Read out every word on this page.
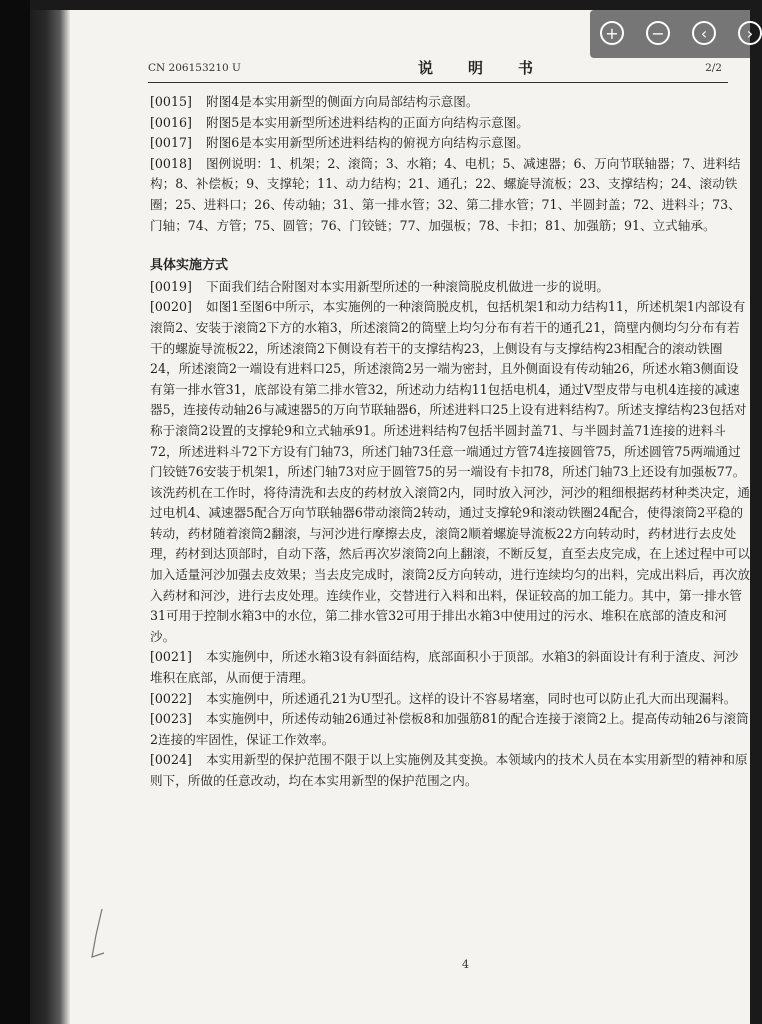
CN 206153210 U	说　明　书	2/2
[0015] 附图4是本实用新型的侧面方向局部结构示意图。
[0016] 附图5是本实用新型所述进料结构的正面方向结构示意图。
[0017] 附图6是本实用新型所述进料结构的俯视方向结构示意图。
[0018] 图例说明：1、机架；2、滚筒；3、水箱；4、电机；5、减速器；6、万向节联轴器；7、进料结构；8、补偿板；9、支撑轮；11、动力结构；21、通孔；22、螺旋导流板；23、支撑结构；24、滚动铁圈；25、进料口；26、传动轴；31、第一排水管；32、第二排水管；71、半圆封盖；72、进料斗；73、门轴；74、方管；75、圆管；76、门铰链；77、加强板；78、卡扣；81、加强筋；91、立式轴承。
具体实施方式
[0019] 下面我们结合附图对本实用新型所述的一种滚筒脱皮机做进一步的说明。
[0020] 如图1至图6中所示，本实施例的一种滚筒脱皮机，包括机架1和动力结构11，所述机架1内部设有滚筒2、安装于滚筒2下方的水箱3，所述滚筒2的筒壁上均匀分布有若干的通孔21，筒壁内侧均匀分布有若干的螺旋导流板22，所述滚筒2下侧设有若干的支撑结构23，上侧设有与支撑结构23相配合的滚动铁圈24，所述滚筒2一端设有进料口25，所述滚筒2另一端为密封，且外侧面设有传动轴26，所述水箱3侧面设有第一排水管31，底部设有第二排水管32，所述动力结构11包括电机4，通过V型皮带与电机4连接的减速器5，连接传动轴26与减速器5的万向节联轴器6，所述进料口25上设有进料结构7。所述支撑结构23包括对称于滚筒2设置的支撑轮9和立式轴承91。所述进料结构7包括半圆封盖71、与半圆封盖71连接的进料斗72，所述进料斗72下方设有门轴73，所述门轴73任意一端通过方管74连接圆管75，所述圆管75两端通过门铰链76安装于机架1，所述门轴73对应于圆管75的另一端设有卡扣78，所述门轴73上还设有加强板77。该洗药机在工作时，将待清洗和去皮的药材放入滚筒2内，同时放入河沙，河沙的粗细根据药材种类决定，通过电机4、减速器5配合万向节联轴器6带动滚筒2转动，通过支撑轮9和滚动铁圈24配合，使得滚筒2平稳的转动，药材随着滚筒2翻滚，与河沙进行摩擦去皮，滚筒2顺着螺旋导流板22方向转动时，药材进行去皮处理，药材到达顶部时，自动下落，然后再次岁滚筒2向上翻滚，不断反复，直至去皮完成，在上述过程中可以加入适量河沙加强去皮效果；当去皮完成时，滚筒2反方向转动，进行连续均匀的出料，完成出料后，再次放入药材和河沙，进行去皮处理。连续作业，交替进行入料和出料，保证较高的加工能力。其中，第一排水管31可用于控制水箱3中的水位，第二排水管32可用于排出水箱3中使用过的污水、堆积在底部的渣皮和河沙。
[0021] 本实施例中，所述水箱3设有斜面结构，底部面积小于顶部。水箱3的斜面设计有利于渣皮、河沙堆积在底部，从而便于清理。
[0022] 本实施例中，所述通孔21为U型孔。这样的设计不容易堵塞，同时也可以防止孔大而出现漏料。
[0023] 本实施例中，所述传动轴26通过补偿板8和加强筋81的配合连接于滚筒2上。提高传动轴26与滚筒2连接的牢固性，保证工作效率。
[0024] 本实用新型的保护范围不限于以上实施例及其变换。本领域内的技术人员在本实用新型的精神和原则下，所做的任意改动，均在本实用新型的保护范围之内。
4
+	−	‹	›
